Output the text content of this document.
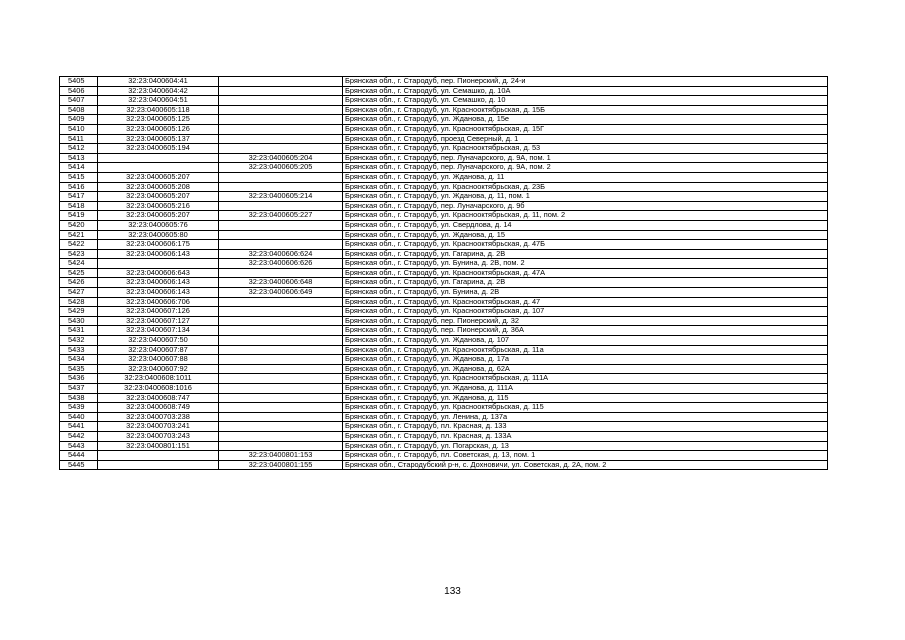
5405	32:23:0400604:41		Брянская обл., г. Стародуб, пер. Пионерский, д. 24-и
5406	32:23:0400604:42		Брянская обл., г. Стародуб, ул. Семашко, д. 10А
5407	32:23:0400604:51		Брянская обл., г. Стародуб, ул. Семашко, д. 10
5408	32:23:0400605:118		Брянская обл., г. Стародуб, ул. Краснооктябрьская, д. 15Б
5409	32:23:0400605:125		Брянская обл., г. Стародуб, ул. Жданова, д. 15е
5410	32:23:0400605:126		Брянская обл., г. Стародуб, ул. Краснооктябрьская, д. 15Г
5411	32:23:0400605:137		Брянская обл., г. Стародуб, проезд Северный, д. 1
5412	32:23:0400605:194		Брянская обл., г. Стародуб, ул. Краснооктябрьская, д. 53
5413		32:23:0400605:204	Брянская обл., г. Стародуб, пер. Луначарского, д. 9А, пом. 1
5414		32:23:0400605:205	Брянская обл., г. Стародуб, пер. Луначарского, д. 9А, пом. 2
5415	32:23:0400605:207		Брянская обл., г. Стародуб, ул. Жданова, д. 11
5416	32:23:0400605:208		Брянская обл., г. Стародуб, ул. Краснооктябрьская, д. 23Б
5417	32:23:0400605:207	32:23:0400605:214	Брянская обл., г. Стародуб, ул. Жданова, д. 11, пом. 1
5418	32:23:0400605:216		Брянская обл., г. Стародуб, пер. Луначарского, д. 9б
5419	32:23:0400605:207	32:23:0400605:227	Брянская обл., г. Стародуб, ул. Краснооктябрьская, д. 11, пом. 2
5420	32:23:0400605:76		Брянская обл., г. Стародуб, ул. Свердлова, д. 14
5421	32:23:0400605:80		Брянская обл., г. Стародуб, ул. Жданова, д. 15
5422	32:23:0400606:175		Брянская обл., г. Стародуб, ул. Краснооктябрьская, д. 47Б
5423	32:23:0400606:143	32:23:0400606:624	Брянская обл., г. Стародуб, ул. Гагарина, д. 2В
5424		32:23:0400606:626	Брянская обл., г. Стародуб, ул. Бунина, д. 2В, пом. 2
5425	32:23:0400606:643		Брянская обл., г. Стародуб, ул. Краснооктябрьская, д. 47А
5426	32:23:0400606:143	32:23:0400606:648	Брянская обл., г. Стародуб, ул. Гагарина, д. 2В
5427	32:23:0400606:143	32:23:0400606:649	Брянская обл., г. Стародуб, ул. Бунина, д. 2В
5428	32:23:0400606:706		Брянская обл., г. Стародуб, ул. Краснооктябрьская, д. 47
5429	32:23:0400607:126		Брянская обл., г. Стародуб, ул. Краснооктябрьская, д. 107
5430	32:23:0400607:127		Брянская обл., г. Стародуб, пер. Пионерский, д. 32
5431	32:23:0400607:134		Брянская обл., г. Стародуб, пер. Пионерский, д. 36А
5432	32:23:0400607:50		Брянская обл., г. Стародуб, ул. Жданова, д. 107
5433	32:23:0400607:87		Брянская обл., г. Стародуб, ул. Краснооктябрьская, д. 11а
5434	32:23:0400607:88		Брянская обл., г. Стародуб, ул. Жданова, д. 17а
5435	32:23:0400607:92		Брянская обл., г. Стародуб, ул. Жданова, д. 62А
5436	32:23:0400608:1011		Брянская обл., г. Стародуб, ул. Краснооктябрьская, д. 111А
5437	32:23:0400608:1016		Брянская обл., г. Стародуб, ул. Жданова, д. 111А
5438	32:23:0400608:747		Брянская обл., г. Стародуб, ул. Жданова, д. 115
5439	32:23:0400608:749		Брянская обл., г. Стародуб, ул. Краснооктябрьская, д. 115
5440	32:23:0400703:238		Брянская обл., г. Стародуб, ул. Ленина, д. 137а
5441	32:23:0400703:241		Брянская обл., г. Стародуб, пл. Красная, д. 133
5442	32:23:0400703:243		Брянская обл., г. Стародуб, пл. Красная, д. 133А
5443	32:23:0400801:151		Брянская обл., г. Стародуб, ул. Погарская, д. 13
5444		32:23:0400801:153	Брянская обл., г. Стародуб, пл. Советская, д. 13, пом. 1
5445		32:23:0400801:155	Брянская обл., Стародубский р-н, с. Дохновичи, ул. Советская, д. 2А, пом. 2
133
